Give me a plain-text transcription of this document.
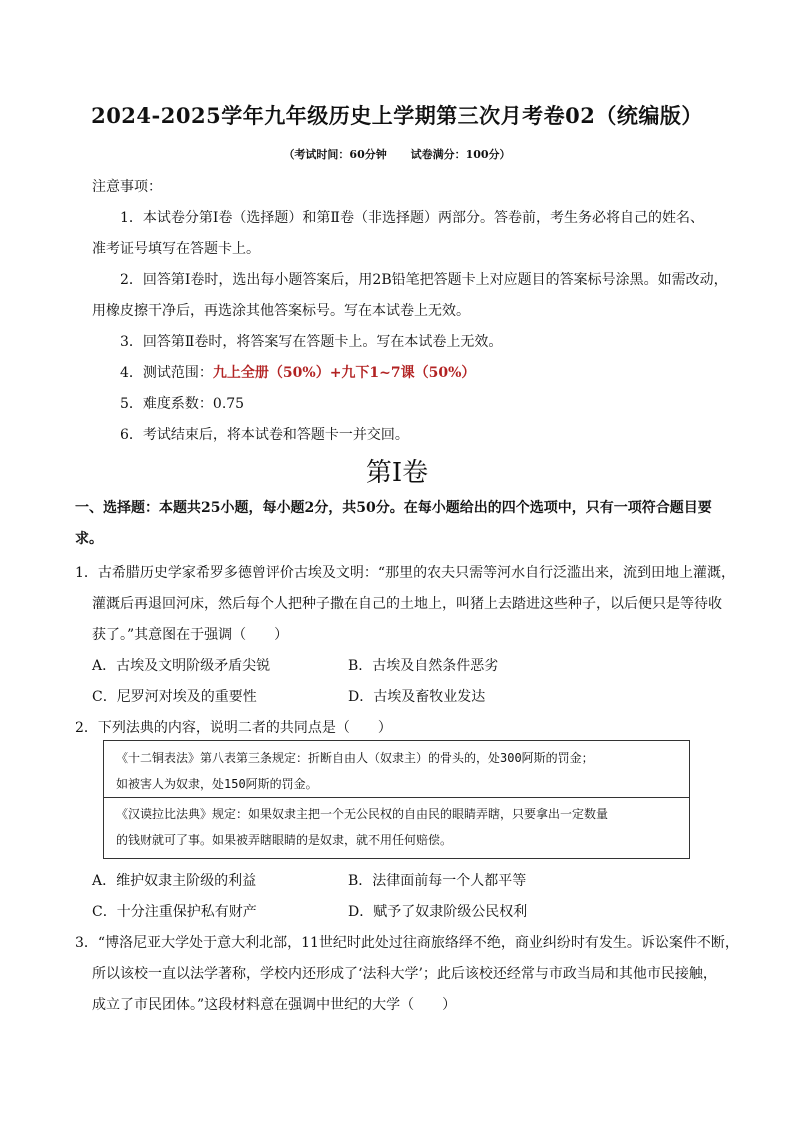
2024-2025学年九年级历史上学期第三次月考卷02（统编版）
（考试时间：60分钟 试卷满分：100分）
注意事项：
1．本试卷分第Ⅰ卷（选择题）和第Ⅱ卷（非选择题）两部分。答卷前，考生务必将自己的姓名、
准考证号填写在答题卡上。
2．回答第Ⅰ卷时，选出每小题答案后，用2B铅笔把答题卡上对应题目的答案标号涂黑。如需改动，
用橡皮擦干净后，再选涂其他答案标号。写在本试卷上无效。
3．回答第Ⅱ卷时，将答案写在答题卡上。写在本试卷上无效。
4．测试范围：九上全册（50%）+九下1~7课（50%）
5．难度系数：0.75
6．考试结束后，将本试卷和答题卡一并交回。
第Ⅰ卷
一、选择题：本题共25小题，每小题2分，共50分。在每小题给出的四个选项中，只有一项符合题目要
求。
1．古希腊历史学家希罗多德曾评价古埃及文明：“那里的农夫只需等河水自行泛滥出来，流到田地上灌溉，
灌溉后再退回河床，然后每个人把种子撒在自己的土地上，叫猪上去踏进这些种子，以后便只是等待收
获了。”其意图在于强调（　　）
A．古埃及文明阶级矛盾尖锐	B．古埃及自然条件恶劣
C．尼罗河对埃及的重要性	D．古埃及畜牧业发达
2．下列法典的内容，说明二者的共同点是（　　）
《十二铜表法》第八表第三条规定：折断自由人（奴隶主）的骨头的，处300阿斯的罚金；
如被害人为奴隶，处150阿斯的罚金。
《汉谟拉比法典》规定：如果奴隶主把一个无公民权的自由民的眼睛弄瞎，只要拿出一定数量
的钱财就可了事。如果被弄瞎眼睛的是奴隶，就不用任何赔偿。
A．维护奴隶主阶级的利益	B．法律面前每一个人都平等
C．十分注重保护私有财产	D．赋予了奴隶阶级公民权利
3．“博洛尼亚大学处于意大利北部，11世纪时此处过往商旅络绎不绝，商业纠纷时有发生。诉讼案件不断，
所以该校一直以法学著称，学校内还形成了‘法科大学’；此后该校还经常与市政当局和其他市民接触，
成立了市民团体。”这段材料意在强调中世纪的大学（　　）
